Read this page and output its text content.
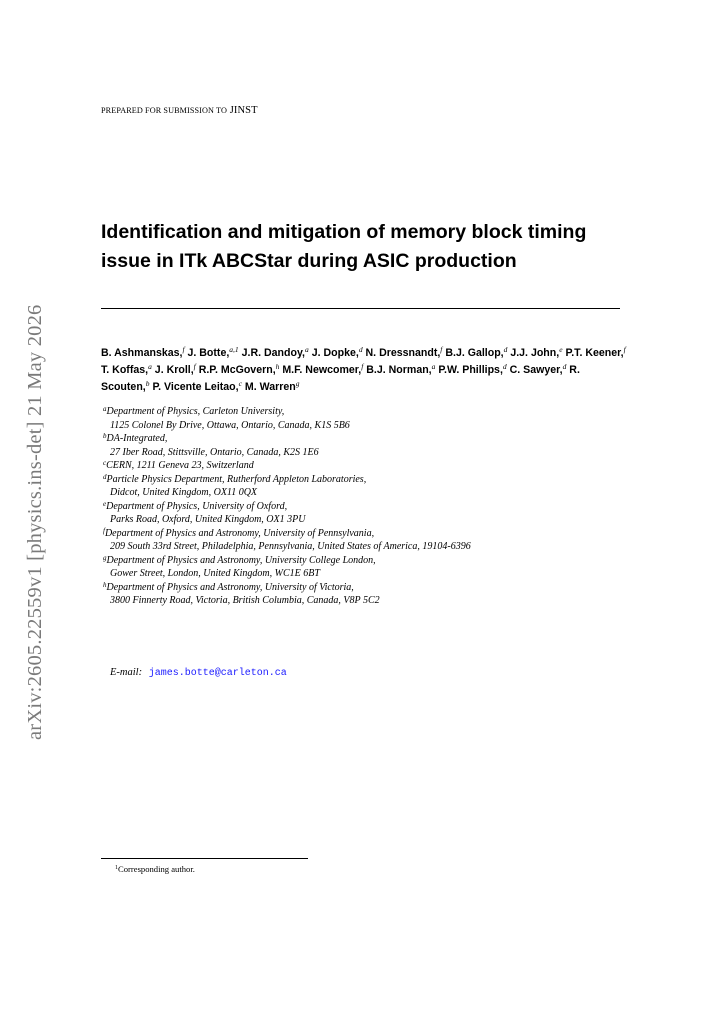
arXiv:2605.22559v1 [physics.ins-det] 21 May 2026
PREPARED FOR SUBMISSION TO JINST
Identification and mitigation of memory block timing issue in ITk ABCStar during ASIC production

B. Ashmanskas,$^f$ J. Botte,$^{a,1}$ J.R. Dandoy,$^a$ J. Dopke,$^d$ N. Dressnandt,$^f$ B.J. Gallop,$^d$ J.J. John,$^e$ P.T. Keener,$^f$ T. Koffas,$^a$ J. Kroll,$^f$ R.P. McGovern,$^h$ M.F. Newcomer,$^f$ B.J. Norman,$^a$ P.W. Phillips,$^d$ C. Sawyer,$^d$ R. Scouten,$^b$ P. Vicente Leitao,$^c$ M. Warren$^g$

$^a$Department of Physics, Carleton University,
1125 Colonel By Drive, Ottawa, Ontario, Canada, K1S 5B6
$^b$DA-Integrated,
27 Iber Road, Stittsville, Ontario, Canada, K2S 1E6
$^c$CERN, 1211 Geneva 23, Switzerland
$^d$Particle Physics Department, Rutherford Appleton Laboratories,
Didcot, United Kingdom, OX11 0QX
$^e$Department of Physics, University of Oxford,
Parks Road, Oxford, United Kingdom, OX1 3PU
$^f$Department of Physics and Astronomy, University of Pennsylvania,
209 South 33rd Street, Philadelphia, Pennsylvania, United States of America, 19104-6396
$^g$Department of Physics and Astronomy, University College London,
Gower Street, London, United Kingdom, WC1E 6BT
$^h$Department of Physics and Astronomy, University of Victoria,
3800 Finnerty Road, Victoria, British Columbia, Canada, V8P 5C2
E-mail: james.botte@carleton.ca
$^1$Corresponding author.
